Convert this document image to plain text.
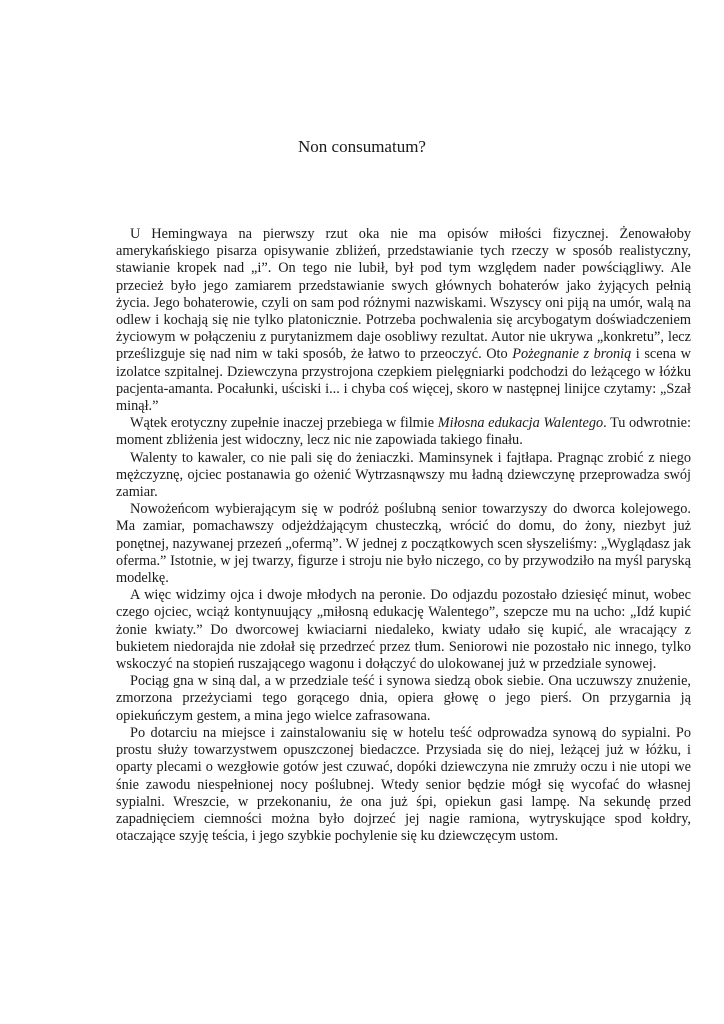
Non consumatum?

U Hemingwaya na pierwszy rzut oka nie ma opisów miłości fizycznej. Żenowałoby amerykańskiego pisarza opisywanie zbliżeń, przedstawianie tych rzeczy w sposób realistyczny, stawianie kropek nad „i”. On tego nie lubił, był pod tym względem nader powściągliwy. Ale przecież było jego zamiarem przedstawianie swych głównych bohaterów jako żyjących pełnią życia. Jego bohaterowie, czyli on sam pod różnymi nazwiskami. Wszyscy oni piją na umór, walą na odlew i kochają się nie tylko platonicznie. Potrzeba pochwalenia się arcybogatym doświadczeniem życiowym w połączeniu z purytanizmem daje osobliwy rezultat. Autor nie ukrywa „konkretu”, lecz prześlizguje się nad nim w taki sposób, że łatwo to przeoczyć. Oto Pożegnanie z bronią i scena w izolatce szpitalnej. Dziewczyna przystrojona czepkiem pielęgniarki podchodzi do leżącego w łóżku pacjenta-amanta. Pocałunki, uściski i... i chyba coś więcej, skoro w następnej linijce czytamy: „Szał minął.”

Wątek erotyczny zupełnie inaczej przebiega w filmie Miłosna edukacja Walentego. Tu odwrotnie: moment zbliżenia jest widoczny, lecz nic nie zapowiada takiego finału.

Walenty to kawaler, co nie pali się do żeniaczki. Maminsynek i fajtłapa. Pragnąc zrobić z niego mężczyznę, ojciec postanawia go ożenić Wytrzasnąwszy mu ładną dziewczynę przeprowadza swój zamiar.

Nowożeńcom wybierającym się w podróż poślubną senior towarzyszy do dworca kolejowego. Ma zamiar, pomachawszy odjeżdżającym chusteczką, wrócić do domu, do żony, niezbyt już ponętnej, nazywanej przezeń „ofermą”. W jednej z początkowych scen słyszeliśmy: „Wyglądasz jak oferma.” Istotnie, w jej twarzy, figurze i stroju nie było niczego, co by przywodziło na myśl paryską modelkę.

A więc widzimy ojca i dwoje młodych na peronie. Do odjazdu pozostało dziesięć minut, wobec czego ojciec, wciąż kontynuujący „miłosną edukację Walentego”, szepcze mu na ucho: „Idź kupić żonie kwiaty.” Do dworcowej kwiaciarni niedaleko, kwiaty udało się kupić, ale wracający z bukietem niedorajda nie zdołał się przedrzeć przez tłum. Seniorowi nie pozostało nic innego, tylko wskoczyć na stopień ruszającego wagonu i dołączyć do ulokowanej już w przedziale synowej.

Pociąg gna w siną dal, a w przedziale teść i synowa siedzą obok siebie. Ona uczuwszy znużenie, zmorzona przeżyciami tego gorącego dnia, opiera głowę o jego pierś. On przygarnia ją opiekuńczym gestem, a mina jego wielce zafrasowana.

Po dotarciu na miejsce i zainstalowaniu się w hotelu teść odprowadza synową do sypialni. Po prostu służy towarzystwem opuszczonej biedaczce. Przysiada się do niej, leżącej już w łóżku, i oparty plecami o wezgłowie gotów jest czuwać, dopóki dziewczyna nie zmruży oczu i nie utopi we śnie zawodu niespełnionej nocy poślubnej. Wtedy senior będzie mógł się wycofać do własnej sypialni. Wreszcie, w przekonaniu, że ona już śpi, opiekun gasi lampę. Na sekundę przed zapadnięciem ciemności można było dojrzeć jej nagie ramiona, wytryskujące spod kołdry, otaczające szyję teścia, i jego szybkie pochylenie się ku dziewczęcym ustom.
